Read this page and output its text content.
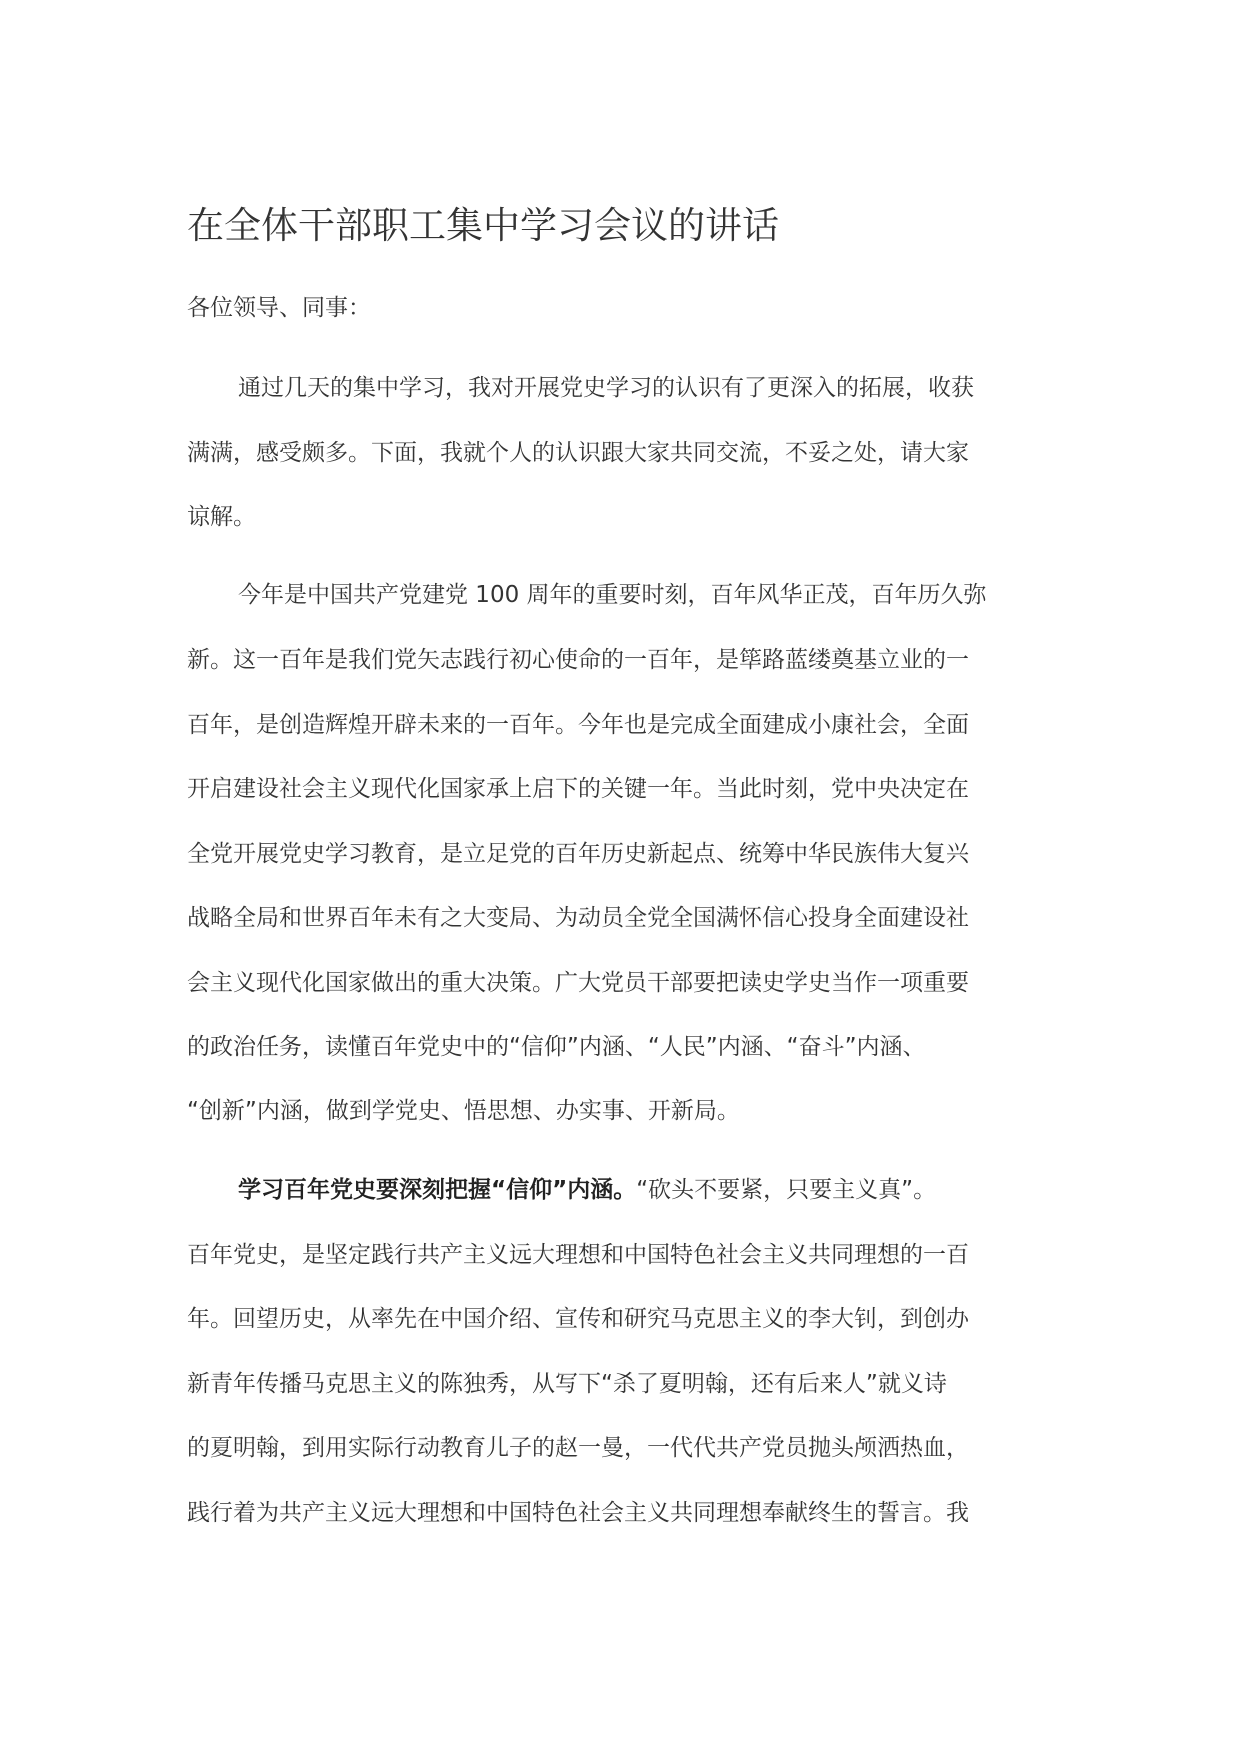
在全体干部职工集中学习会议的讲话
各位领导、同事：
通过几天的集中学习，我对开展党史学习的认识有了更深入的拓展，收获
满满，感受颇多。下面，我就个人的认识跟大家共同交流，不妥之处，请大家
谅解。
今年是中国共产党建党 100 周年的重要时刻，百年风华正茂，百年历久弥
新。这一百年是我们党矢志践行初心使命的一百年，是筚路蓝缕奠基立业的一
百年，是创造辉煌开辟未来的一百年。今年也是完成全面建成小康社会，全面
开启建设社会主义现代化国家承上启下的关键一年。当此时刻，党中央决定在
全党开展党史学习教育，是立足党的百年历史新起点、统筹中华民族伟大复兴
战略全局和世界百年未有之大变局、为动员全党全国满怀信心投身全面建设社
会主义现代化国家做出的重大决策。广大党员干部要把读史学史当作一项重要
的政治任务，读懂百年党史中的“信仰”内涵、“人民”内涵、“奋斗”内涵、
“创新”内涵，做到学党史、悟思想、办实事、开新局。
学习百年党史要深刻把握“信仰”内涵。“砍头不要紧，只要主义真”。
百年党史，是坚定践行共产主义远大理想和中国特色社会主义共同理想的一百
年。回望历史，从率先在中国介绍、宣传和研究马克思主义的李大钊，到创办
新青年传播马克思主义的陈独秀，从写下“杀了夏明翰，还有后来人”就义诗
的夏明翰，到用实际行动教育儿子的赵一曼，一代代共产党员抛头颅洒热血，
践行着为共产主义远大理想和中国特色社会主义共同理想奉献终生的誓言。我
